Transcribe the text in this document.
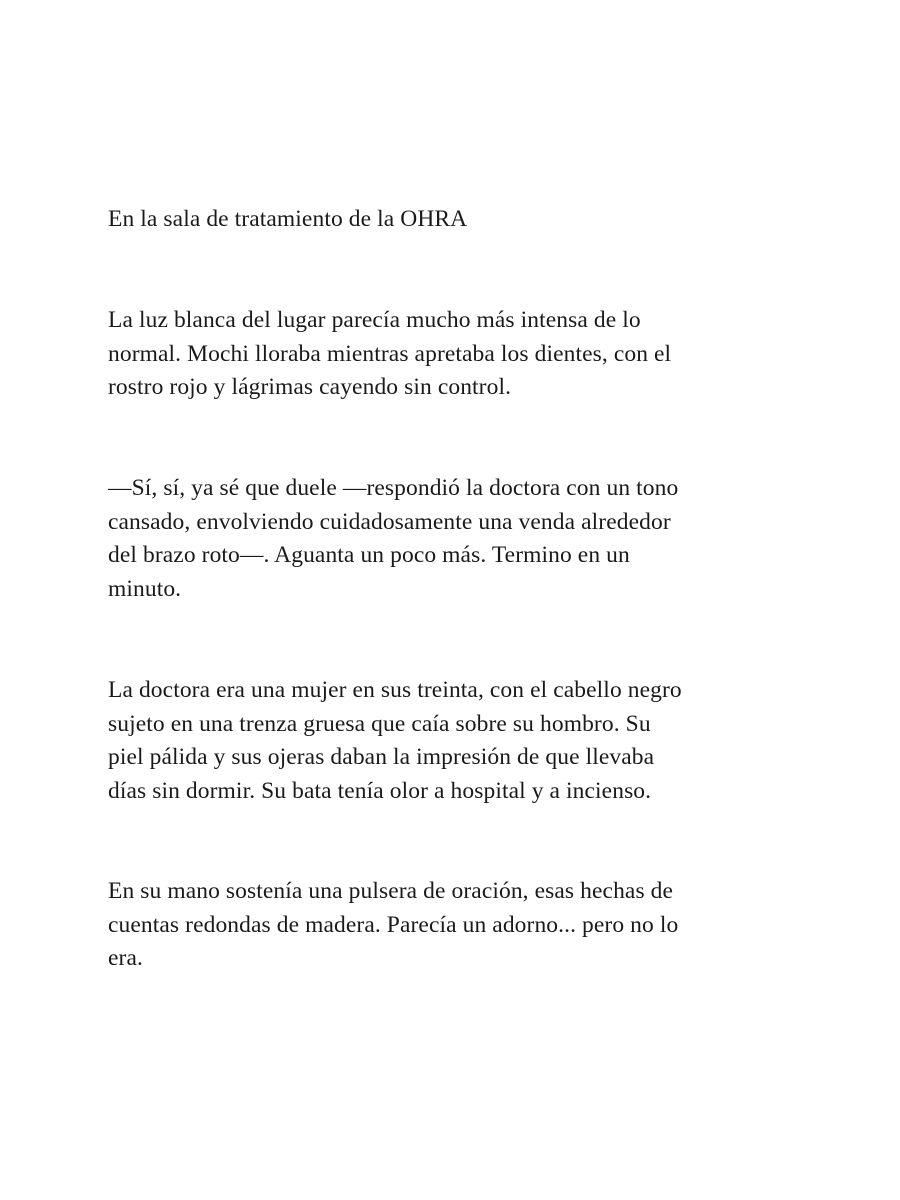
En la sala de tratamiento de la OHRA

La luz blanca del lugar parecía mucho más intensa de lo
normal. Mochi lloraba mientras apretaba los dientes, con el
rostro rojo y lágrimas cayendo sin control.

—Sí, sí, ya sé que duele —respondió la doctora con un tono
cansado, envolviendo cuidadosamente una venda alrededor
del brazo roto—. Aguanta un poco más. Termino en un
minuto.

La doctora era una mujer en sus treinta, con el cabello negro
sujeto en una trenza gruesa que caía sobre su hombro. Su
piel pálida y sus ojeras daban la impresión de que llevaba
días sin dormir. Su bata tenía olor a hospital y a incienso.

En su mano sostenía una pulsera de oración, esas hechas de
cuentas redondas de madera. Parecía un adorno... pero no lo
era.
